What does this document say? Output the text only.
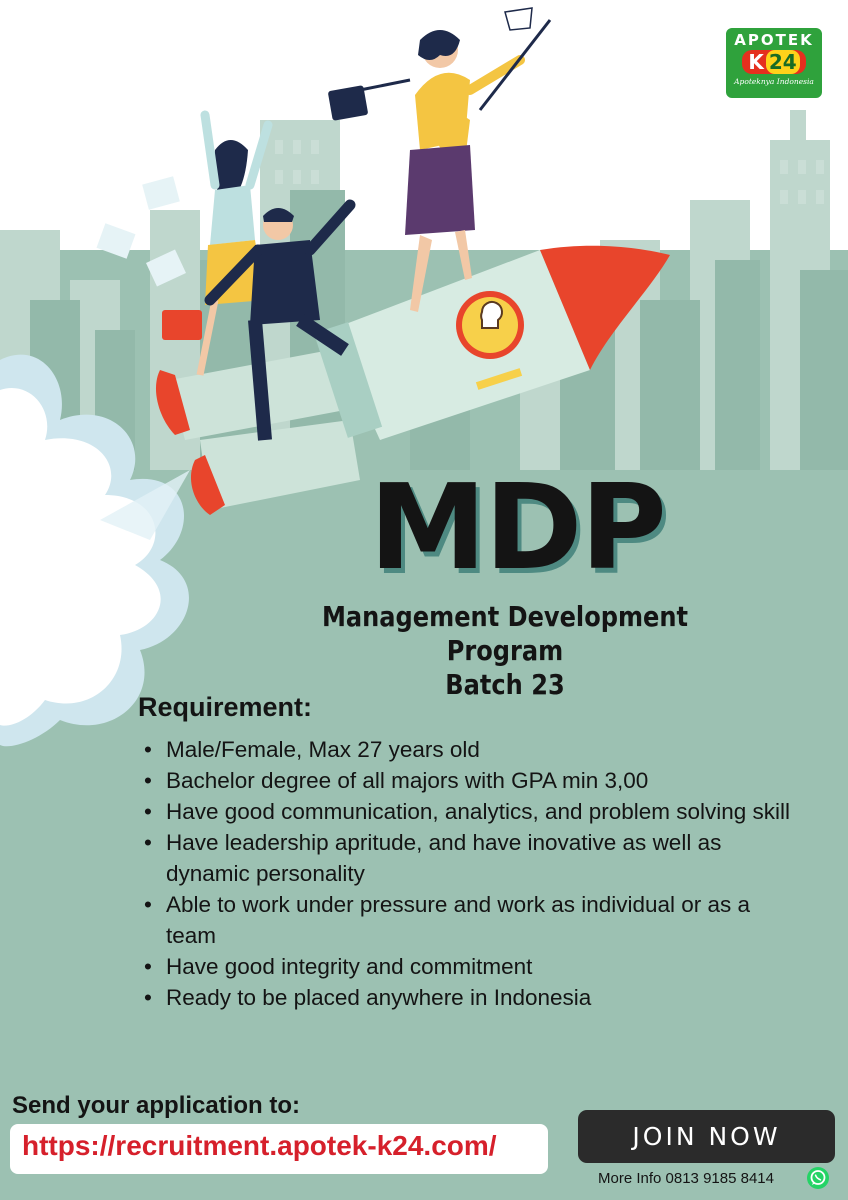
APOTEK
K 24
Apoteknya Indonesia
MDP
Management Development Program
Batch 23
Requirement:
• Male/Female, Max 27 years old
• Bachelor degree of all majors with GPA min 3,00
• Have good communication, analytics, and problem solving skill
• Have leadership apritude, and have inovative as well as dynamic personality
• Able to work under pressure and work as individual or as a team
• Have good integrity and commitment
• Ready to be placed anywhere in Indonesia
Send your application to:
https://recruitment.apotek-k24.com/	JOIN NOW
More Info 0813 9185 8414
